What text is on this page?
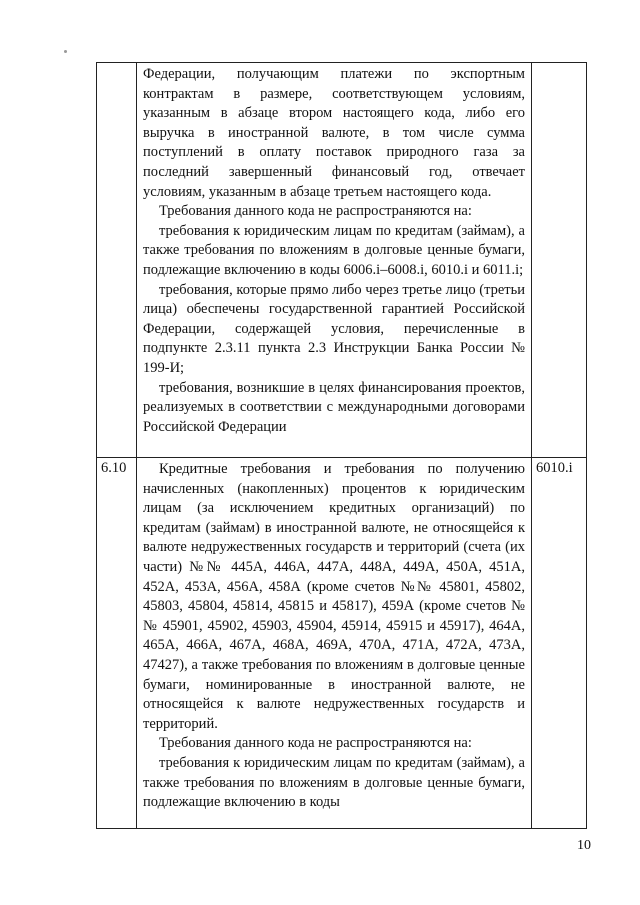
	Федерации, получающим платежи по экспортным контрактам в размере, соответствующем условиям, указанным в абзаце втором настоящего кода, либо его выручка в иностранной валюте, в том числе сумма поступлений в оплату поставок природного газа за последний завершенный финансовый год, отвечает условиям, указанным в абзаце третьем настоящего кода.

Требования данного кода не распространяются на:

требования к юридическим лицам по кредитам (займам), а также требования по вложениям в долговые ценные бумаги, подлежащие включению в коды 6006.i–6008.i, 6010.i и 6011.i;

требования, которые прямо либо через третье лицо (третьи лица) обеспечены государственной гарантией Российской Федерации, содержащей условия, перечисленные в подпункте 2.3.11 пункта 2.3 Инструкции Банка России № 199-И;

требования, возникшие в целях финансирования проектов, реализуемых в соответствии с международными договорами Российской Федерации	

6.10	Кредитные требования и требования по получению начисленных (накопленных) процентов к юридическим лицам (за исключением кредитных организаций) по кредитам (займам) в иностранной валюте, не относящейся к валюте недружественных государств и территорий (счета (их части) №№ 445А, 446А, 447А, 448А, 449А, 450А, 451А, 452А, 453А, 456А, 458А (кроме счетов №№ 45801, 45802, 45803, 45804, 45814, 45815 и 45817), 459А (кроме счетов №№ 45901, 45902, 45903, 45904, 45914, 45915 и 45917), 464А, 465А, 466А, 467А, 468А, 469А, 470А, 471А, 472А, 473А, 47427), а также требования по вложениям в долговые ценные бумаги, номинированные в иностранной валюте, не относящейся к валюте недружественных государств и территорий.

Требования данного кода не распространяются на:

требования к юридическим лицам по кредитам (займам), а также требования по вложениям в долговые ценные бумаги, подлежащие включению в коды	6010.i
10
